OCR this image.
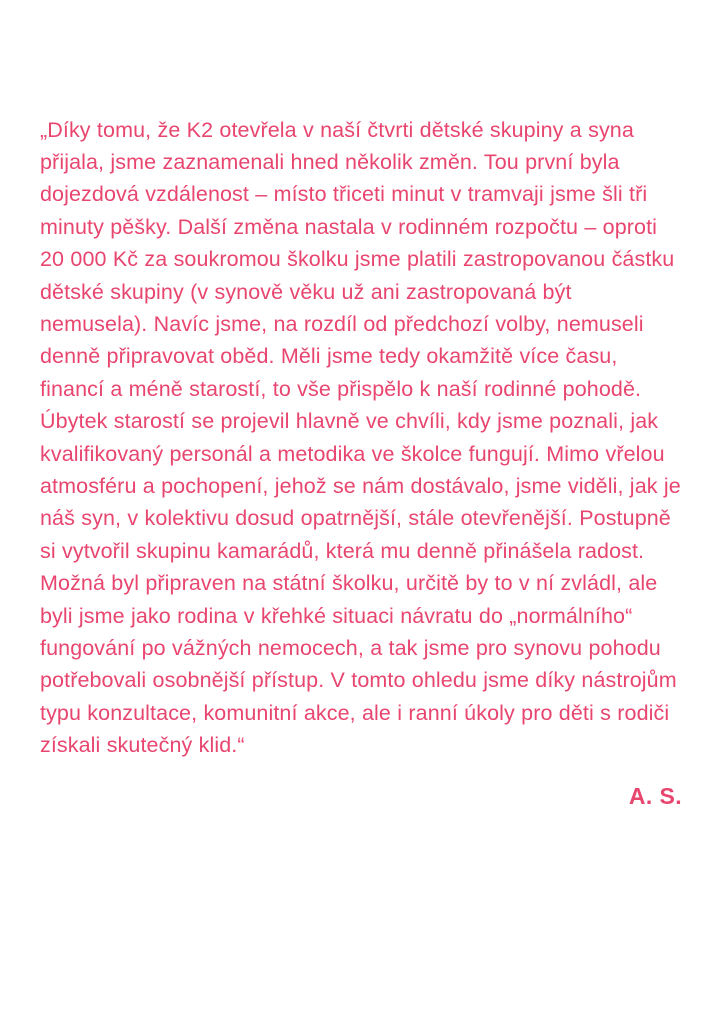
„Díky tomu, že K2 otevřela v naší čtvrti dětské skupiny a syna přijala, jsme zaznamenali hned několik změn. Tou první byla dojezdová vzdálenost – místo třiceti minut v tramvaji jsme šli tři minuty pěšky. Další změna nastala v rodinném rozpočtu – oproti 20 000 Kč za soukromou školku jsme platili zastropovanou částku dětské skupiny (v synově věku už ani zastropovaná být nemusela). Navíc jsme, na rozdíl od předchozí volby, nemuseli denně připravovat oběd. Měli jsme tedy okamžitě více času, financí a méně starostí, to vše přispělo k naší rodinné pohodě. Úbytek starostí se projevil hlavně ve chvíli, kdy jsme poznali, jak kvalifikovaný personál a metodika ve školce fungují. Mimo vřelou atmosféru a pochopení, jehož se nám dostávalo, jsme viděli, jak je náš syn, v kolektivu dosud opatrnější, stále otevřenější. Postupně si vytvořil skupinu kamarádů, která mu denně přinášela radost. Možná byl připraven na státní školku, určitě by to v ní zvládl, ale byli jsme jako rodina v křehké situaci návratu do „normálního“ fungování po vážných nemocech, a tak jsme pro synovu pohodu potřebovali osobnější přístup. V tomto ohledu jsme díky nástrojům typu konzultace, komunitní akce, ale i ranní úkoly pro děti s rodiči získali skutečný klid.“

A. S.
